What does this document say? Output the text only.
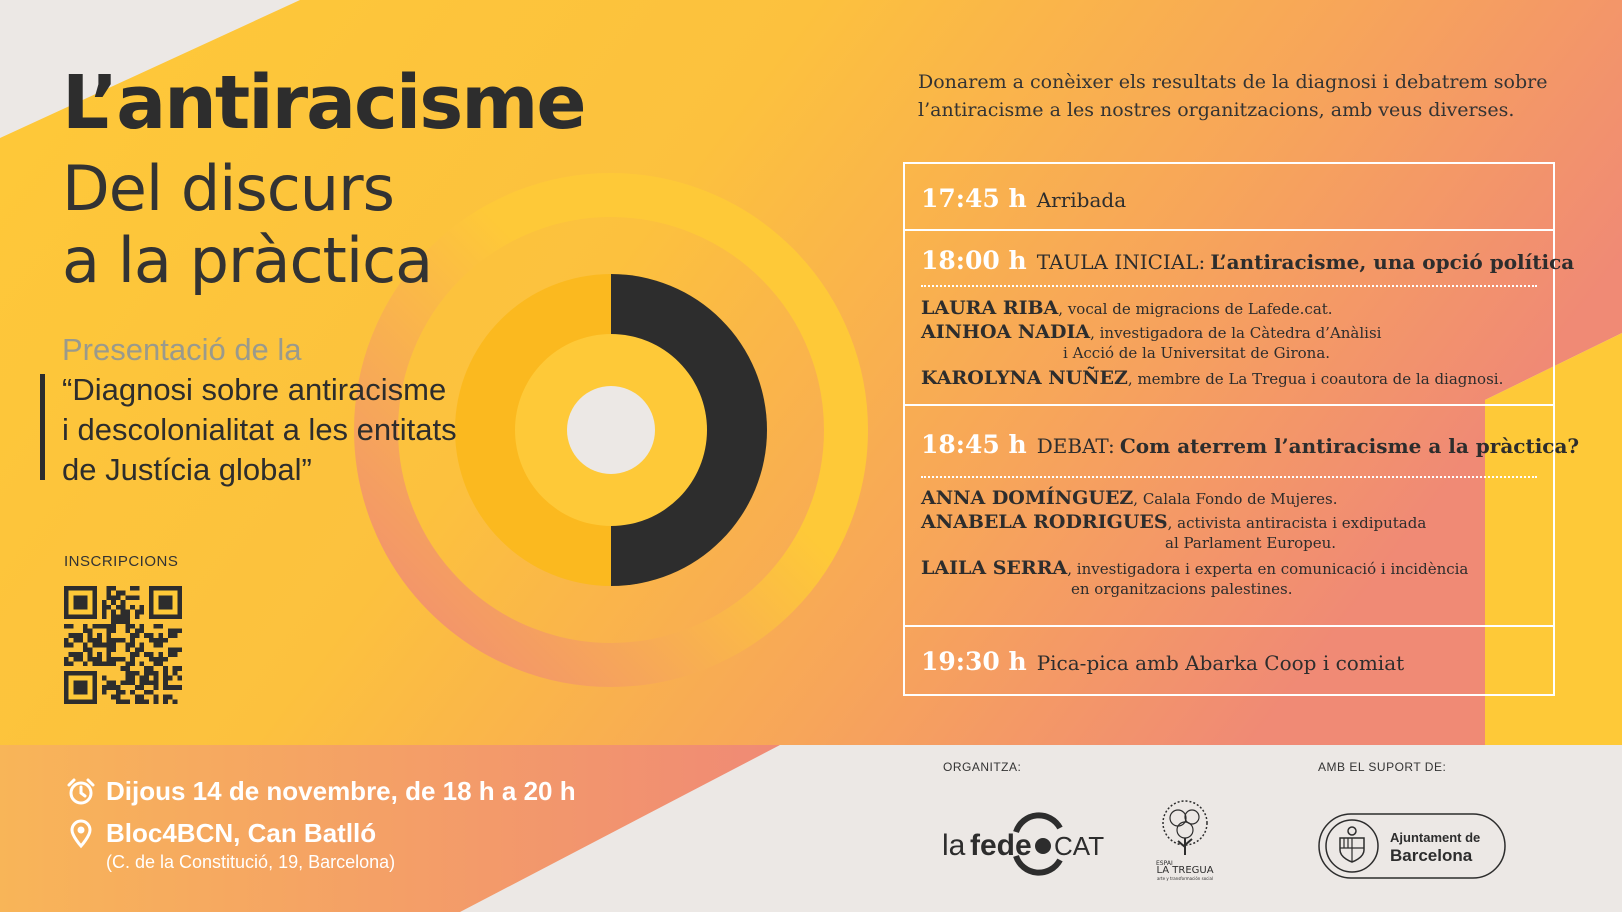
L’antiracisme
Del discurs
a la pràctica
Presentació de la
“Diagnosi sobre antiracisme
i descolonialitat a les entitats
de Justícia global”
INSCRIPCIONS
Donarem a conèixer els resultats de la diagnosi i debatrem sobre
l’antiracisme a les nostres organitzacions, amb veus diverses.
17:45 h Arribada
18:00 h TAULA INICIAL: L’antiracisme, una opció política
LAURA RIBA, vocal de migracions de Lafede.cat.
AINHOA NADIA, investigadora de la Càtedra d’Anàlisi
i Acció de la Universitat de Girona.
KAROLYNA NUÑEZ, membre de La Tregua i coautora de la diagnosi.
18:45 h DEBAT: Com aterrem l’antiracisme a la pràctica?
ANNA DOMÍNGUEZ, Calala Fondo de Mujeres.
ANABELA RODRIGUES, activista antiracista i exdiputada
al Parlament Europeu.
LAILA SERRA, investigadora i experta en comunicació i incidència
en organitzacions palestines.
19:30 h Pica-pica amb Abarka Coop i comiat
Dijous 14 de novembre, de 18 h a 20 h
Bloc4BCN, Can Batlló
(C. de la Constitució, 19, Barcelona)
ORGANITZA:	AMB EL SUPORT DE:
la fede CAT
ESPAI
LA TREGUA
arte y transformación social
Ajuntament de
Barcelona
